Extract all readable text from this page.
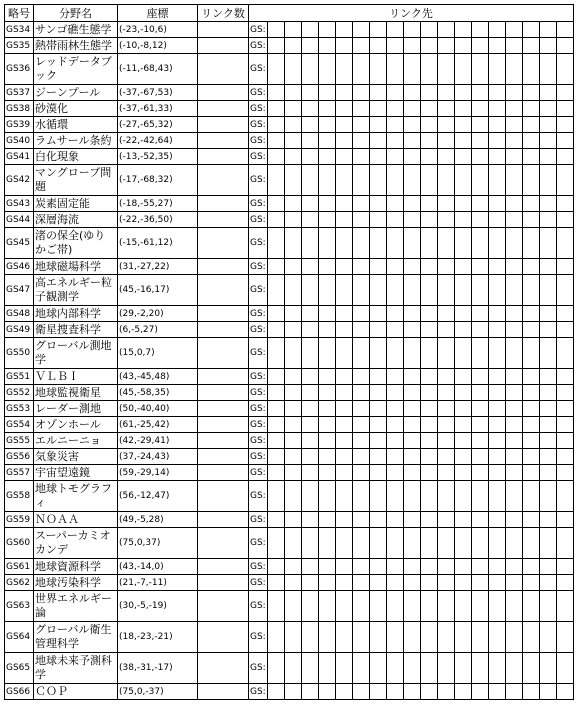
略号	分野名	座標	リンク数	リンク先																		
GS34	サンゴ礁生態学	(-23,-10,6)		GS:																		
GS35	熱帯雨林生態学	(-10,-8,12)		GS:																		
GS36	レッドデータブック	(-11,-68,43)		GS:																		
GS37	ジーンプール	(-37,-67,53)		GS:																		
GS38	砂漠化	(-37,-61,33)		GS:																		
GS39	水循環	(-27,-65,32)		GS:																		
GS40	ラムサール条約	(-22,-42,64)		GS:																		
GS41	白化現象	(-13,-52,35)		GS:																		
GS42	マングローブ問題	(-17,-68,32)		GS:																		
GS43	炭素固定能	(-18,-55,27)		GS:																		
GS44	深層海流	(-22,-36,50)		GS:																		
GS45	渚の保全(ゆりかご帯)	(-15,-61,12)		GS:																		
GS46	地球磁場科学	(31,-27,22)		GS:																		
GS47	高エネルギー粒子観測学	(45,-16,17)		GS:																		
GS48	地球内部科学	(29,-2,20)		GS:																		
GS49	衛星捜査科学	(6,-5,27)		GS:																		
GS50	グローバル測地学	(15,0,7)		GS:																		
GS51	ＶＬＢＩ	(43,-45,48)		GS:																		
GS52	地球監視衛星	(45,-58,35)		GS:																		
GS53	レーダー測地	(50,-40,40)		GS:																		
GS54	オゾンホール	(61,-25,42)		GS:																		
GS55	エルニーニョ	(42,-29,41)		GS:																		
GS56	気象災害	(37,-24,43)		GS:																		
GS57	宇宙望遠鏡	(59,-29,14)		GS:																		
GS58	地球トモグラフィ	(56,-12,47)		GS:																		
GS59	ＮＯＡＡ	(49,-5,28)		GS:																		
GS60	スーパーカミオカンデ	(75,0,37)		GS:																		
GS61	地球資源科学	(43,-14,0)		GS:																		
GS62	地球汚染科学	(21,-7,-11)		GS:																		
GS63	世界エネルギー論	(30,-5,-19)		GS:																		
GS64	グローバル衛生管理科学	(18,-23,-21)		GS:																		
GS65	地球未来予測科学	(38,-31,-17)		GS:																		
GS66	ＣＯＰ	(75,0,-37)		GS:																		
